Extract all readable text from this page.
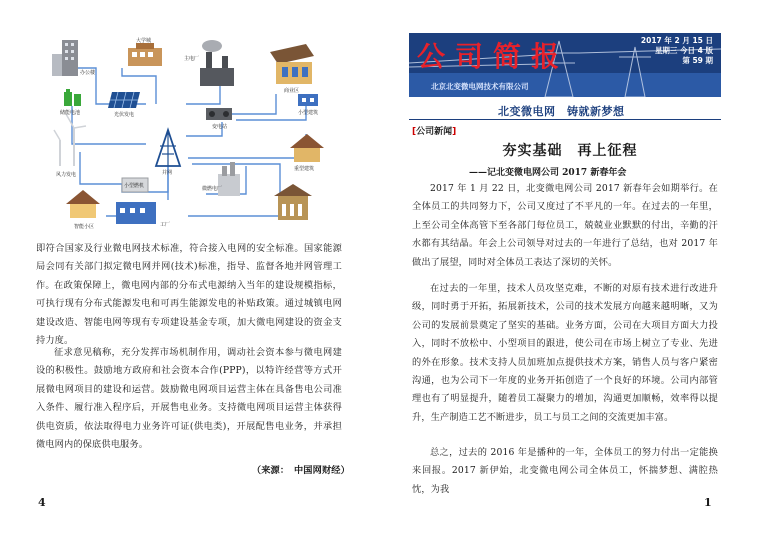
办公楼
大学城
光伏发电
储能电池
主电厂
变电站
商业区
小型建筑
并网
重型建筑
风力发电
小型燃机
智能小区	工厂
微燃电厂
即符合国家及行业微电网技术标准，符合接入电网的安全标准。国家能源局会同有关部门拟定微电网并网(技术)标准，指导、监督各地并网管理工作。 在政策保障上，微电网内部的分布式电源纳入当年的建设规模指标，可执行现有分布式能源发电和可再生能源发电的补贴政策。通过城镇电网建设改造、智能电网等现有专项建设基金专项，加大微电网建设的资金支持力度。
征求意见稿称，充分发挥市场机制作用，调动社会资本参与微电网建设的积极性。鼓励地方政府和社会资本合作(PPP)，以特许经营等方式开展微电网项目的建设和运营。鼓励微电网项目运营主体在具备售电公司准入条件、履行准入程序后，开展售电业务。支持微电网项目运营主体获得供电资质，依法取得电力业务许可证(供电类)，开展配售电业务，并承担微电网内的保底供电服务。
（来源：　中国网财经）
4
公司简报	2017 年 2 月 15 日
星期三 今日 4 版
第 59 期
北京北变微电网技术有限公司
北变微电网　铸就新梦想
[公司新闻]
夯实基础　再上征程
——记北变微电网公司 2017 新春年会
2017 年 1 月 22 日，北变微电网公司 2017 新春年会如期举行。在全体员工的共同努力下，公司又度过了不平凡的一年。在过去的一年里，上至公司全体高管下至各部门每位员工，兢兢业业默默的付出，辛勤的汗水都有其结晶。年会上公司领导对过去的一年进行了总结，也对 2017 年做出了展望，同时对全体员工表达了深切的关怀。
在过去的一年里，技术人员攻坚克难，不断的对原有技术进行改进升级，同时勇于开拓，拓展新技术，公司的技术发展方向越来越明晰，又为公司的发展前景奠定了坚实的基础。业务方面，公司在大项目方面大力投入，同时不放松中、小型项目的跟进，使公司在市场上树立了专业、先进的外在形象。技术支持人员加班加点提供技术方案，销售人员与客户紧密沟通，也为公司下一年度的业务开拓创造了一个良好的环境。公司内部管理也有了明显提升，随着员工凝聚力的增加，沟通更加顺畅，效率得以提升，生产制造工艺不断进步，员工与员工之间的交流更加丰富。
总之，过去的 2016 年是播种的一年，全体员工的努力付出一定能换来回报。2017 新伊始，北变微电网公司全体员工，怀揣梦想、满腔热忱，为我
1
